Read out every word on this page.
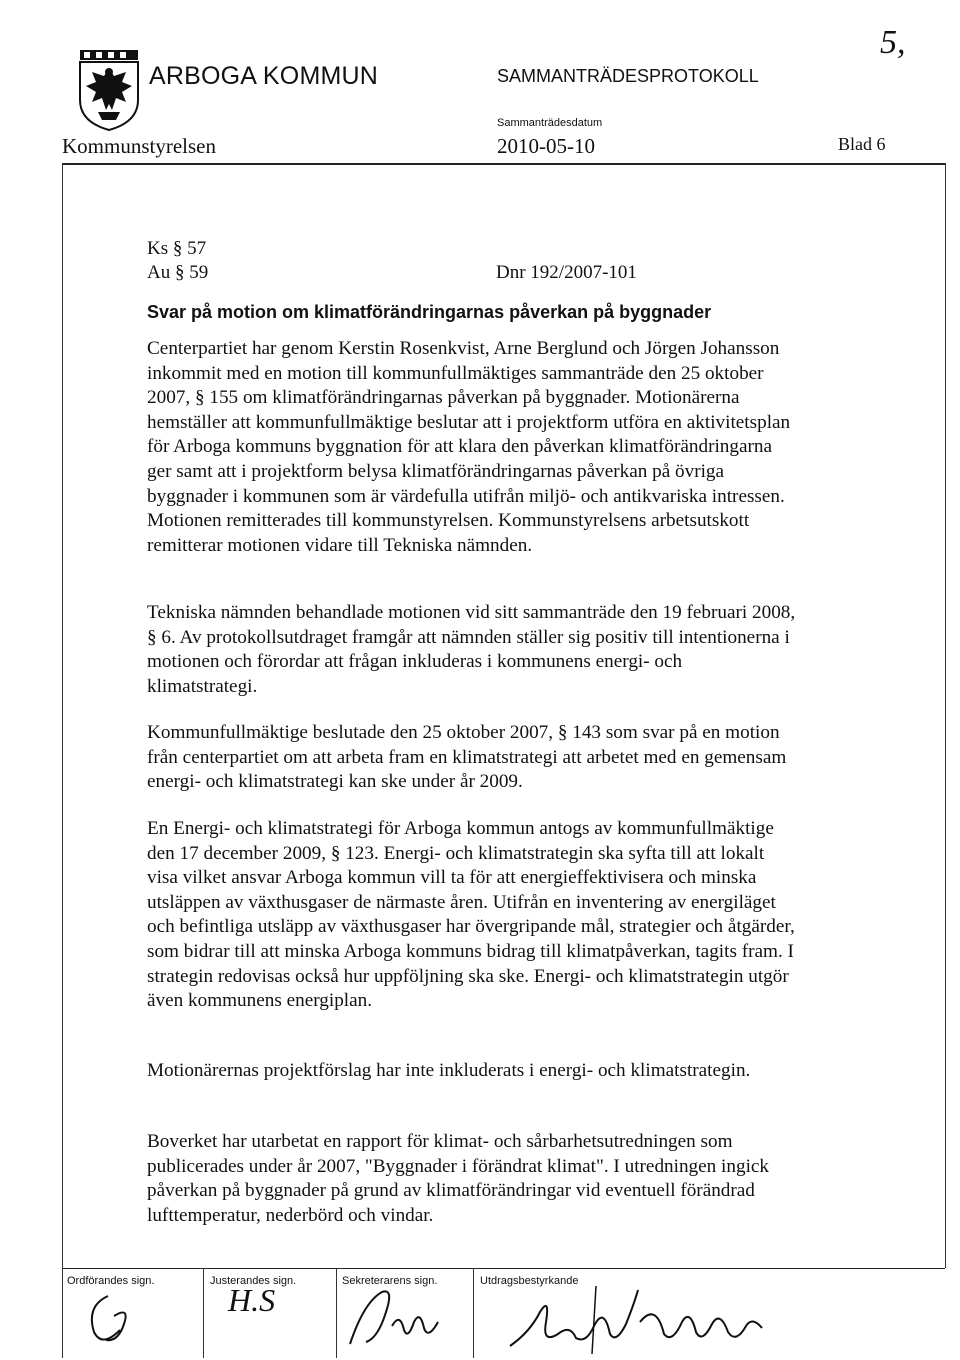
ARBOGA KOMMUN	SAMMANTRÄDESPROTOKOLL
5,
Sammanträdesdatum
Kommunstyrelsen	2010-05-10	Blad 6
Ks § 57
Au § 59	Dnr 192/2007-101
Svar på motion om klimatförändringarnas påverkan på byggnader

Centerpartiet har genom Kerstin Rosenkvist, Arne Berglund och Jörgen Johansson inkommit med en motion till kommunfullmäktiges sammanträde den 25 oktober 2007, § 155 om klimatförändringarnas påverkan på byggnader. Motionärerna hemställer att kommunfullmäktige beslutar att i projektform utföra en aktivitetsplan för Arboga kommuns byggnation för att klara den påverkan klimatförändringarna ger samt att i projektform belysa klimatförändringarnas påverkan på övriga byggnader i kommunen som är värdefulla utifrån miljö- och antikvariska intressen. Motionen remitterades till kommunstyrelsen. Kommunstyrelsens arbetsutskott remitterar motionen vidare till Tekniska nämnden.

Tekniska nämnden behandlade motionen vid sitt sammanträde den 19 februari 2008, § 6. Av protokollsutdraget framgår att nämnden ställer sig positiv till intentionerna i motionen och förordar att frågan inkluderas i kommunens energi- och klimatstrategi.

Kommunfullmäktige beslutade den 25 oktober 2007, § 143 som svar på en motion från centerpartiet om att arbeta fram en klimatstrategi att arbetet med en gemensam energi- och klimatstrategi kan ske under år 2009.

En Energi- och klimatstrategi för Arboga kommun antogs av kommunfullmäktige den 17 december 2009, § 123. Energi- och klimatstrategin ska syfta till att lokalt visa vilket ansvar Arboga kommun vill ta för att energieffektivisera och minska utsläppen av växthusgaser de närmaste åren. Utifrån en inventering av energiläget och befintliga utsläpp av växthusgaser har övergripande mål, strategier och åtgärder, som bidrar till att minska Arboga kommuns bidrag till klimatpåverkan, tagits fram. I strategin redovisas också hur uppföljning ska ske. Energi- och klimatstrategin utgör även kommunens energiplan.

Motionärernas projektförslag har inte inkluderats i energi- och klimatstrategin.

Boverket har utarbetat en rapport för klimat- och sårbarhetsutredningen som publicerades under år 2007, "Byggnader i förändrat klimat". I utredningen ingick påverkan på byggnader på grund av klimatförändringar vid eventuell förändrad lufttemperatur, nederbörd och vindar.

Ordförandes sign.	Justerandes sign.	Sekreterarens sign.	Utdragsbestyrkande
H.S
